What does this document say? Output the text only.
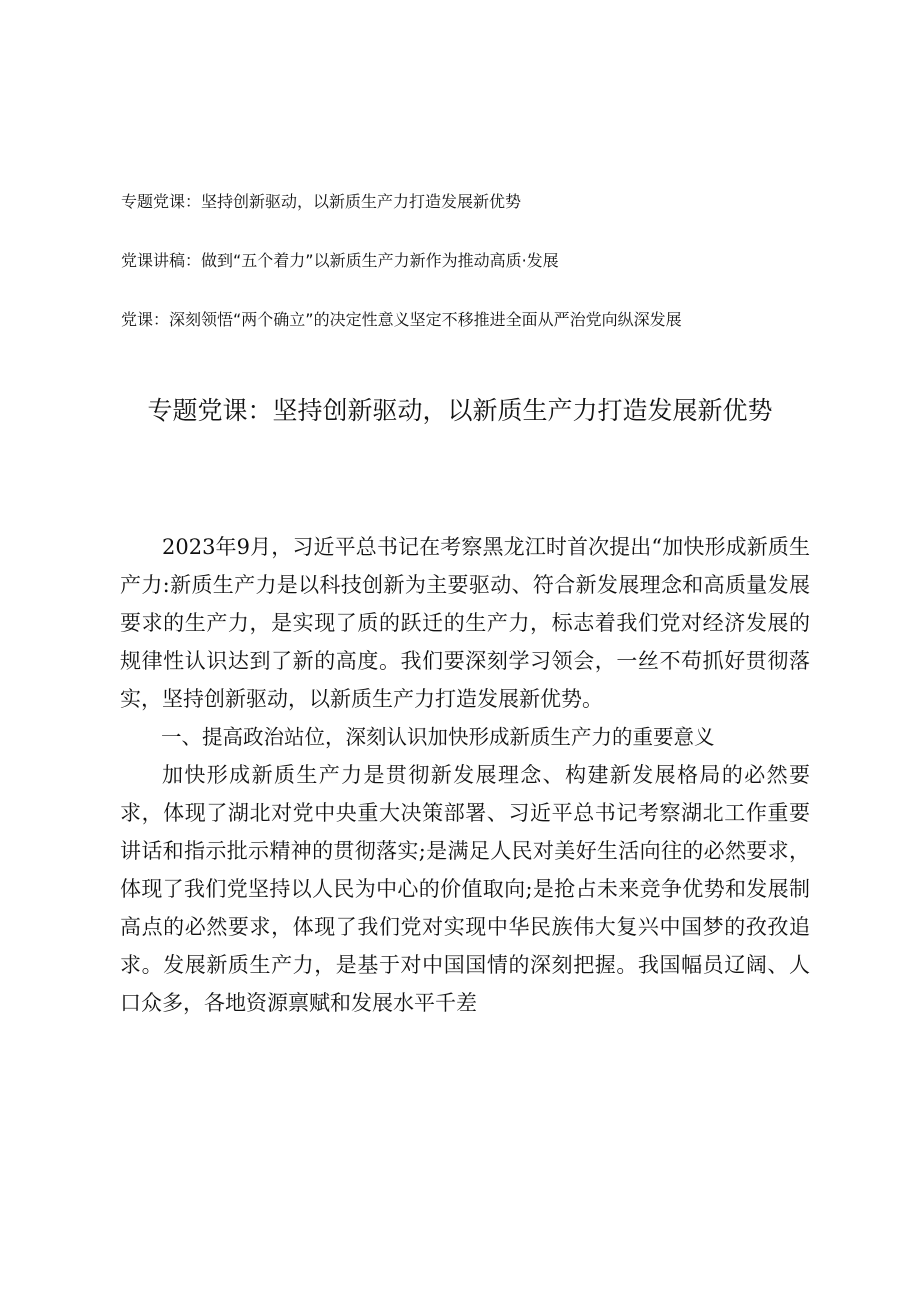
专题党课：坚持创新驱动，以新质生产力打造发展新优势
党课讲稿：做到“五个着力”以新质生产力新作为推动高质·发展
党课：深刻领悟“两个确立”的决定性意义坚定不移推进全面从严治党向纵深发展
专题党课：坚持创新驱动，以新质生产力打造发展新优势

2023年9月，习近平总书记在考察黑龙江时首次提出“加快形成新质生产力:新质生产力是以科技创新为主要驱动、符合新发展理念和高质量发展要求的生产力，是实现了质的跃迁的生产力，标志着我们党对经济发展的规律性认识达到了新的高度。我们要深刻学习领会，一丝不苟抓好贯彻落实，坚持创新驱动，以新质生产力打造发展新优势。

一、提高政治站位，深刻认识加快形成新质生产力的重要意义

加快形成新质生产力是贯彻新发展理念、构建新发展格局的必然要求，体现了湖北对党中央重大决策部署、习近平总书记考察湖北工作重要讲话和指示批示精神的贯彻落实;是满足人民对美好生活向往的必然要求，体现了我们党坚持以人民为中心的价值取向;是抢占未来竞争优势和发展制高点的必然要求，体现了我们党对实现中华民族伟大复兴中国梦的孜孜追求。发展新质生产力，是基于对中国国情的深刻把握。我国幅员辽阔、人口众多，各地资源禀赋和发展水平千差
